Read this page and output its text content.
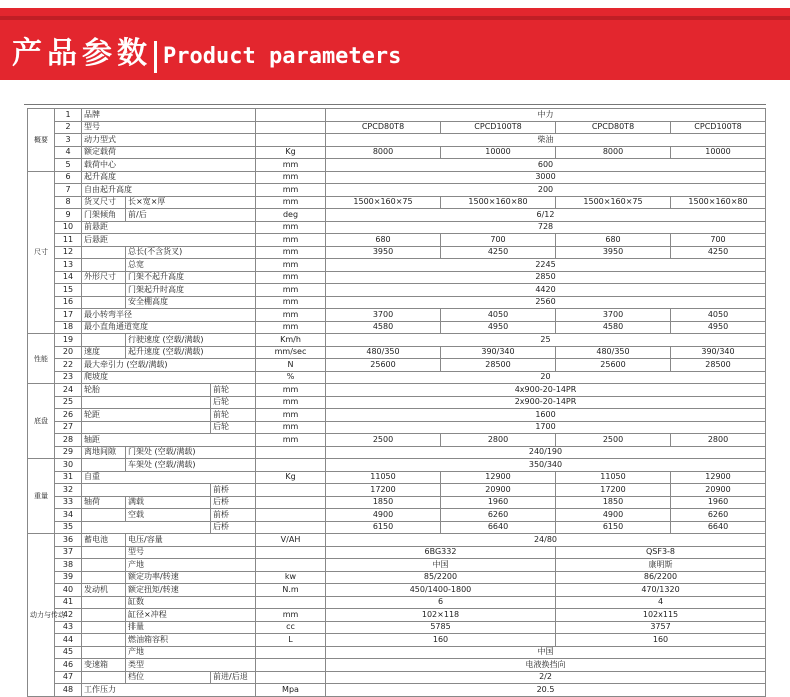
产品参数 Product parameters
概要	1	品牌				中力			
	2	型号				CPCD80T8	CPCD100T8	CPCD80T8	CPCD100T8
	3	动力型式				柴油			
	4	额定载荷			Kg	8000	10000	8000	10000
	5	载荷中心			mm	600			
尺寸	6	起升高度			mm	3000			
	7	自由起升高度			mm	200			
	8	货叉尺寸	长×宽×厚		mm	1500×160×75	1500×160×80	1500×160×75	1500×160×80
	9	门架倾角	前/后		deg	6/12			
	10	前悬距			mm	728			
	11	后悬距			mm	680	700	680	700
	12		总长(不含货叉)		mm	3950	4250	3950	4250
	13		总宽		mm	2245			
	14	外形尺寸	门架不起升高度		mm	2850			
	15		门架起升时高度		mm	4420			
	16		安全棚高度		mm	2560			
	17	最小转弯半径			mm	3700	4050	3700	4050
	18	最小直角通道宽度			mm	4580	4950	4580	4950
性能	19		行驶速度 (空载/满载)		Km/h	25			
	20	速度	起升速度 (空载/满载)		mm/sec	480/350	390/340	480/350	390/340
	22	最大牵引力 (空载/满载)			N	25600	28500	25600	28500
	23	爬坡度			%	20			
底盘	24	轮胎		前轮	mm	4x900-20-14PR			
	25			后轮	mm	2x900-20-14PR			
	26	轮距		前轮	mm	1600			
	27			后轮	mm	1700			
	28	轴距			mm	2500	2800	2500	2800
	29	离地间隙	门架处 (空载/满载)			240/190			
重量	30		车架处 (空载/满载)			350/340			
	31	自重			Kg	11050	12900	11050	12900
	32			前桥		17200	20900	17200	20900
	33	轴荷	满载	后桥		1850	1960	1850	1960
	34		空载	前桥		4900	6260	4900	6260
	35			后桥		6150	6640	6150	6640
动力与传动	36	蓄电池	电压/容量		V/AH	24/80			
	37		型号			6BG332		QSF3-8	
	38		产地			中国		康明斯	
	39		额定功率/转速		kw	85/2200		86/2200	
	40	发动机	额定扭矩/转速		N.m	450/1400-1800		470/1320	
	41		缸数			6		4	
	42		缸径×冲程		mm	102×118		102x115	
	43		排量		cc	5785		3757	
	44		燃油箱容积		L	160		160	
	45		产地			中国			
	46	变速箱	类型			电液换挡向			
	47		档位	前进/后退		2/2			
	48	工作压力			Mpa	20.5			
